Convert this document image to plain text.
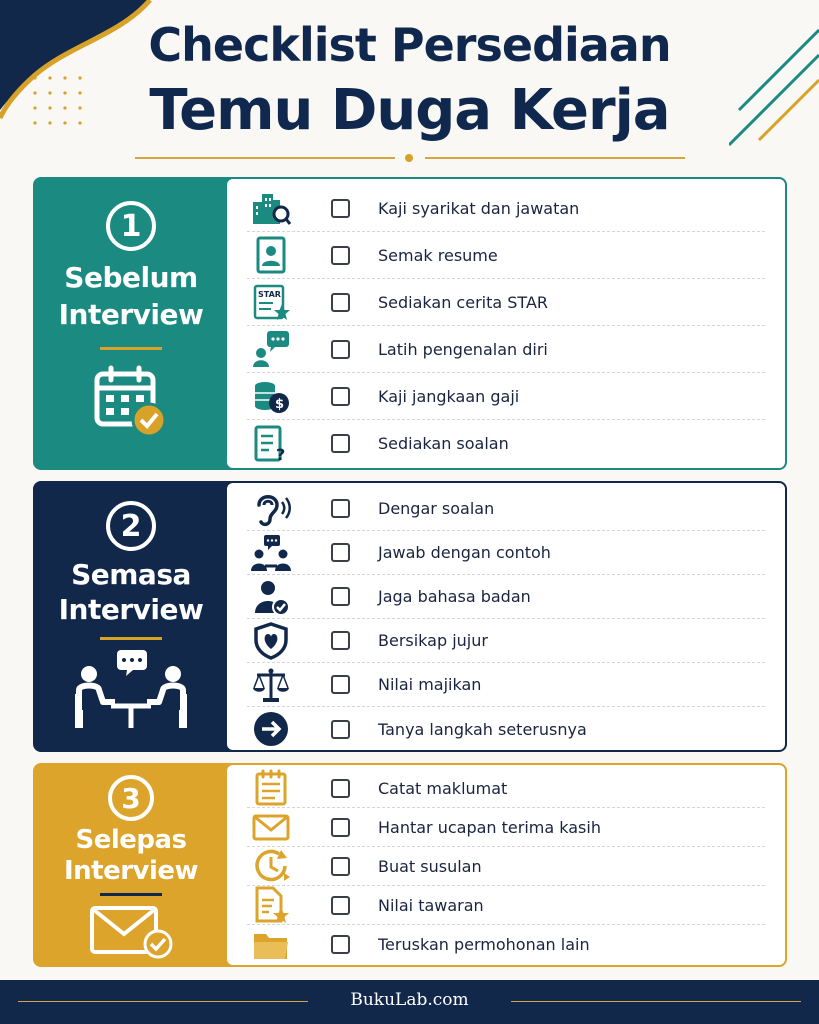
Checklist Persediaan
Temu Duga Kerja
1
Sebelum
Interview
Kaji syarikat dan jawatan
Semak resume
STAR	Sediakan cerita STAR
Latih pengenalan diri
$	Kaji jangkaan gaji
?
Sediakan soalan
2
Semasa
Interview
Dengar soalan
Jawab dengan contoh
Jaga bahasa badan
Bersikap jujur
Nilai majikan
Tanya langkah seterusnya
3
Selepas
Interview
Catat maklumat
Hantar ucapan terima kasih
Buat susulan
Nilai tawaran
Teruskan permohonan lain
BukuLab.com
